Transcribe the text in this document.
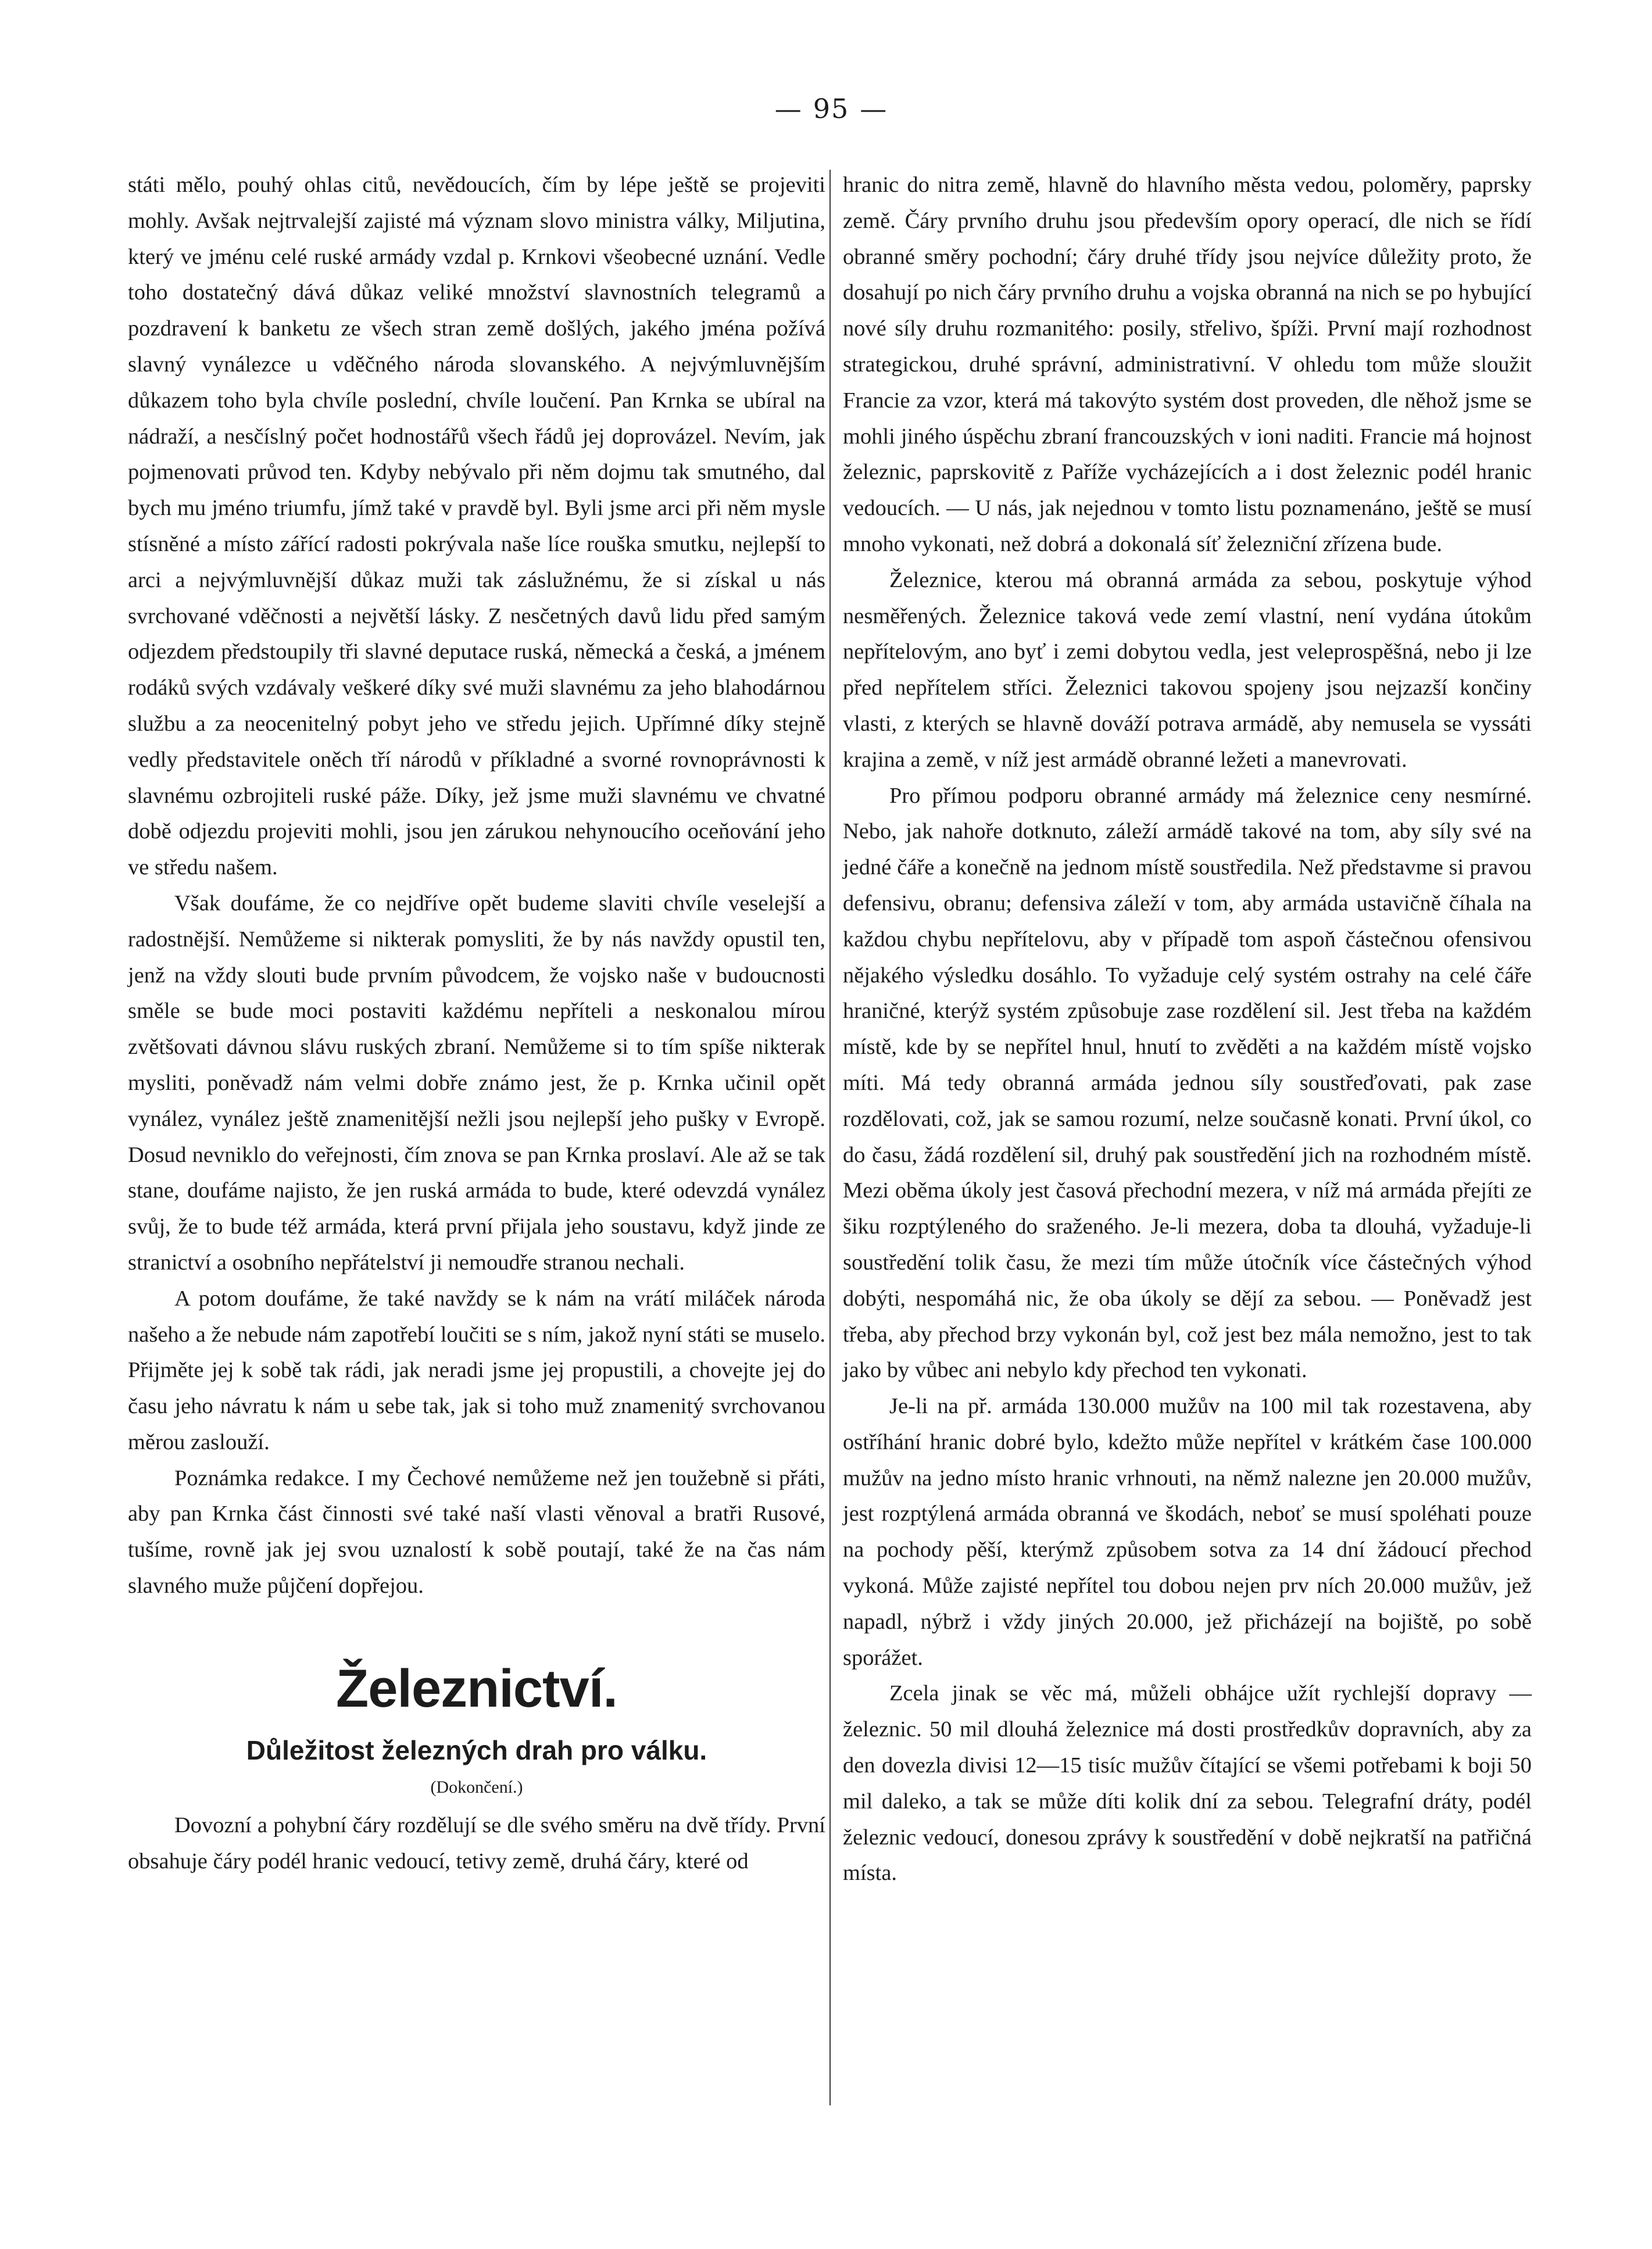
— 95 —

státi mělo, pouhý ohlas citů, nevědoucích, čím by lépe ještě se projeviti mohly. Avšak nejtrvalejší zajisté má význam slovo ministra války, Miljutina, který ve jménu celé ruské armády vzdal p. Krnkovi všeobecné uznání. Vedle toho dostatečný dává důkaz veliké množství slavnostních telegramů a pozdravení k banketu ze všech stran země došlých, jakého jména požívá slavný vynálezce u vděčného národa slovanského. A nejvýmluvnějším důkazem toho byla chvíle poslední, chvíle loučení. Pan Krnka se ubíral na nádraží, a nesčíslný počet hodnostářů všech řádů jej doprovázel. Nevím, jak pojmenovati průvod ten. Kdyby nebývalo při něm dojmu tak smutného, dal bych mu jméno triumfu, jímž také v pravdě byl. Byli jsme arci při něm mysle stísněné a místo zářící radosti pokrývala naše líce rouška smutku, nejlepší to arci a nejvýmluvnější důkaz muži tak záslužnému, že si získal u nás svrchované vděčnosti a největší lásky. Z nesčetných davů lidu před samým odjezdem předstoupily tři slavné deputace ruská, německá a česká, a jménem rodáků svých vzdávaly veškeré díky své muži slavnému za jeho blahodárnou službu a za neocenitelný pobyt jeho ve středu jejich. Upřímné díky stejně vedly představitele oněch tří národů v příkladné a svorné rovnoprávnosti k slavnému ozbrojiteli ruské páže. Díky, jež jsme muži slavnému ve chvatné době odjezdu projeviti mohli, jsou jen zárukou nehynoucího oceňování jeho ve středu našem.

Však doufáme, že co nejdříve opět budeme slaviti chvíle veselejší a radostnější. Nemůžeme si nikterak pomysliti, že by nás navždy opustil ten, jenž na vždy slouti bude prvním původcem, že vojsko naše v budoucnosti směle se bude moci postaviti každému nepříteli a neskonalou mírou zvětšovati dávnou slávu ruských zbraní. Nemůžeme si to tím spíše nikterak mysliti, poněvadž nám velmi dobře známo jest, že p. Krnka učinil opět vynález, vynález ještě znamenitější nežli jsou nejlepší jeho pušky v Evropě. Dosud nevniklo do veřejnosti, čím znova se pan Krnka proslaví. Ale až se tak stane, doufáme najisto, že jen ruská armáda to bude, které odevzdá vynález svůj, že to bude též armáda, která první přijala jeho soustavu, když jinde ze stranictví a osobního nepřátelství ji nemoudře stranou nechali.

A potom doufáme, že také navždy se k nám na vrátí miláček národa našeho a že nebude nám zapotřebí loučiti se s ním, jakož nyní státi se muselo. Přijměte jej k sobě tak rádi, jak neradi jsme jej propustili, a chovejte jej do času jeho návratu k nám u sebe tak, jak si toho muž znamenitý svrchovanou měrou zaslouží.

Poznámka redakce. I my Čechové nemůžeme než jen toužebně si přáti, aby pan Krnka část činnosti své také naší vlasti věnoval a bratři Rusové, tušíme, rovně jak jej svou uznalostí k sobě poutají, také že na čas nám slavného muže půjčení dopřejou.

Železnictví.
Důležitost železných drah pro válku.
(Dokončení.)

Dovozní a pohybní čáry rozdělují se dle svého směru na dvě třídy. První obsahuje čáry podél hranic vedoucí, tetivy země, druhá čáry, které od

hranic do nitra země, hlavně do hlavního města vedou, poloměry, paprsky země. Čáry prvního druhu jsou především opory operací, dle nich se řídí obranné směry pochodní; čáry druhé třídy jsou nejvíce důležity proto, že dosahují po nich čáry prvního druhu a vojska obranná na nich se po hybující nové síly druhu rozmanitého: posily, střelivo, špíži. První mají rozhodnost strategickou, druhé správní, administrativní. V ohledu tom může sloužit Francie za vzor, která má takovýto systém dost proveden, dle něhož jsme se mohli jiného úspěchu zbraní francouzských v ioni naditi. Francie má hojnost železnic, paprskovitě z Paříže vycházejících a i dost železnic podél hranic vedoucích. — U nás, jak nejednou v tomto listu poznamenáno, ještě se musí mnoho vykonati, než dobrá a dokonalá síť železniční zřízena bude.

Železnice, kterou má obranná armáda za sebou, poskytuje výhod nesměřených. Železnice taková vede zemí vlastní, není vydána útokům nepřítelovým, ano byť i zemi dobytou vedla, jest veleprospěšná, nebo ji lze před nepřítelem stříci. Železnici takovou spojeny jsou nejzazší končiny vlasti, z kterých se hlavně dováží potrava armádě, aby nemusela se vyssáti krajina a země, v níž jest armádě obranné ležeti a manevrovati.

Pro přímou podporu obranné armády má železnice ceny nesmírné. Nebo, jak nahoře dotknuto, záleží armádě takové na tom, aby síly své na jedné čáře a konečně na jednom místě soustředila. Než představme si pravou defensivu, obranu; defensiva záleží v tom, aby armáda ustavičně číhala na každou chybu nepřítelovu, aby v případě tom aspoň částečnou ofensivou nějakého výsledku dosáhlo. To vyžaduje celý systém ostrahy na celé čáře hraničné, kterýž systém způsobuje zase rozdělení sil. Jest třeba na každém místě, kde by se nepřítel hnul, hnutí to zvěděti a na každém místě vojsko míti. Má tedy obranná armáda jednou síly soustřeďovati, pak zase rozdělovati, což, jak se samou rozumí, nelze současně konati. První úkol, co do času, žádá rozdělení sil, druhý pak soustředění jich na rozhodném místě. Mezi oběma úkoly jest časová přechodní mezera, v níž má armáda přejíti ze šiku rozptýleného do sraženého. Je-li mezera, doba ta dlouhá, vyžaduje-li soustředění tolik času, že mezi tím může útočník více částečných výhod dobýti, nespomáhá nic, že oba úkoly se dějí za sebou. — Poněvadž jest třeba, aby přechod brzy vykonán byl, což jest bez mála nemožno, jest to tak jako by vůbec ani nebylo kdy přechod ten vykonati.

Je-li na př. armáda 130.000 mužův na 100 mil tak rozestavena, aby ostříhání hranic dobré bylo, kdežto může nepřítel v krátkém čase 100.000 mužův na jedno místo hranic vrhnouti, na němž nalezne jen 20.000 mužův, jest rozptýlená armáda obranná ve škodách, neboť se musí spoléhati pouze na pochody pěší, kterýmž způsobem sotva za 14 dní žádoucí přechod vykoná. Může zajisté nepřítel tou dobou nejen prv ních 20.000 mužův, jež napadl, nýbrž i vždy jiných 20.000, jež přicházejí na bojiště, po sobě sporážet.

Zcela jinak se věc má, můželi obhájce užít rychlejší dopravy — železnic. 50 mil dlouhá železnice má dosti prostředkův dopravních, aby za den dovezla divisi 12—15 tisíc mužův čítající se všemi potřebami k boji 50 mil daleko, a tak se může díti kolik dní za sebou. Telegrafní dráty, podél železnic vedoucí, donesou zprávy k soustředění v době nejkratší na patřičná místa.
